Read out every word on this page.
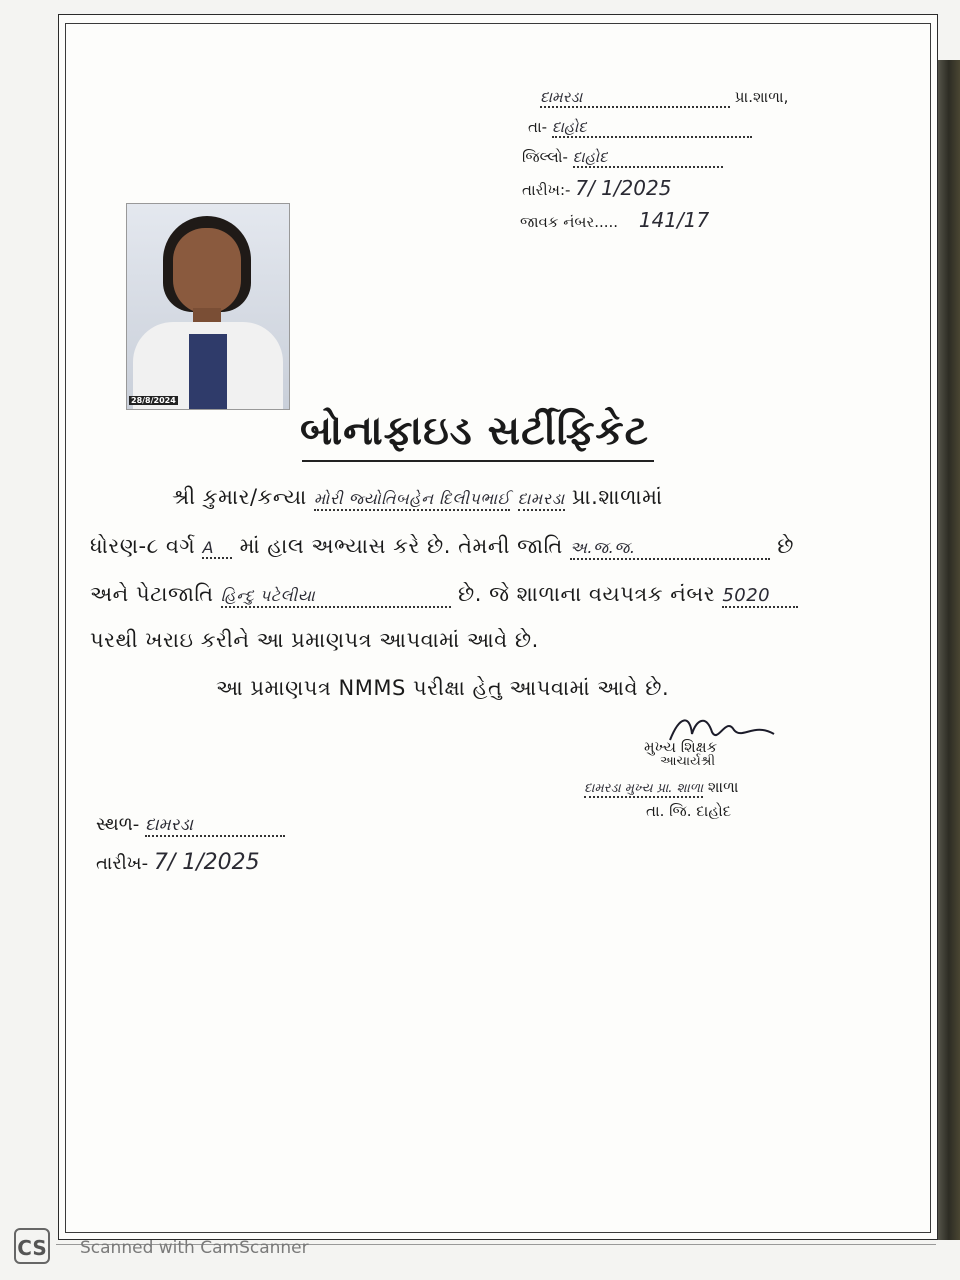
દામરડા	પ્રા.શાળા,
તા- દાહોદ
જિલ્લો- દાહોદ
તારીખ:- 7/ 1/2025
જાવક નંબર..... 141/17
28/8/2024
બોનાફાઇડ સર્ટીફિકેટ
શ્રી કુમાર/કન્યા મોરી જ્યોતિબહેન દિલીપભાઈ દામરડા પ્રા.શાળામાં
ધોરણ-૮ વર્ગ A માં હાલ અભ્યાસ કરે છે. તેમની જાતિ અ.જ.જ.	છે
અને પેટાજાતિ હિન્દુ પટેલીયા	છે. જે શાળાના વયપત્રક નંબર 5020
પરથી ખરાઇ કરીને આ પ્રમાણપત્ર આપવામાં આવે છે.
આ પ્રમાણપત્ર NMMS પરીક્ષા હેતુ આપવામાં આવે છે.
મુખ્ય શિક્ષક
આચાર્યશ્રી
દામરડા મુખ્ય પ્રા. શાળા શાળા
તા. જિ. દાહોદ
સ્થળ- દામરડા
તારીખ- 7/ 1/2025
CS Scanned with CamScanner
